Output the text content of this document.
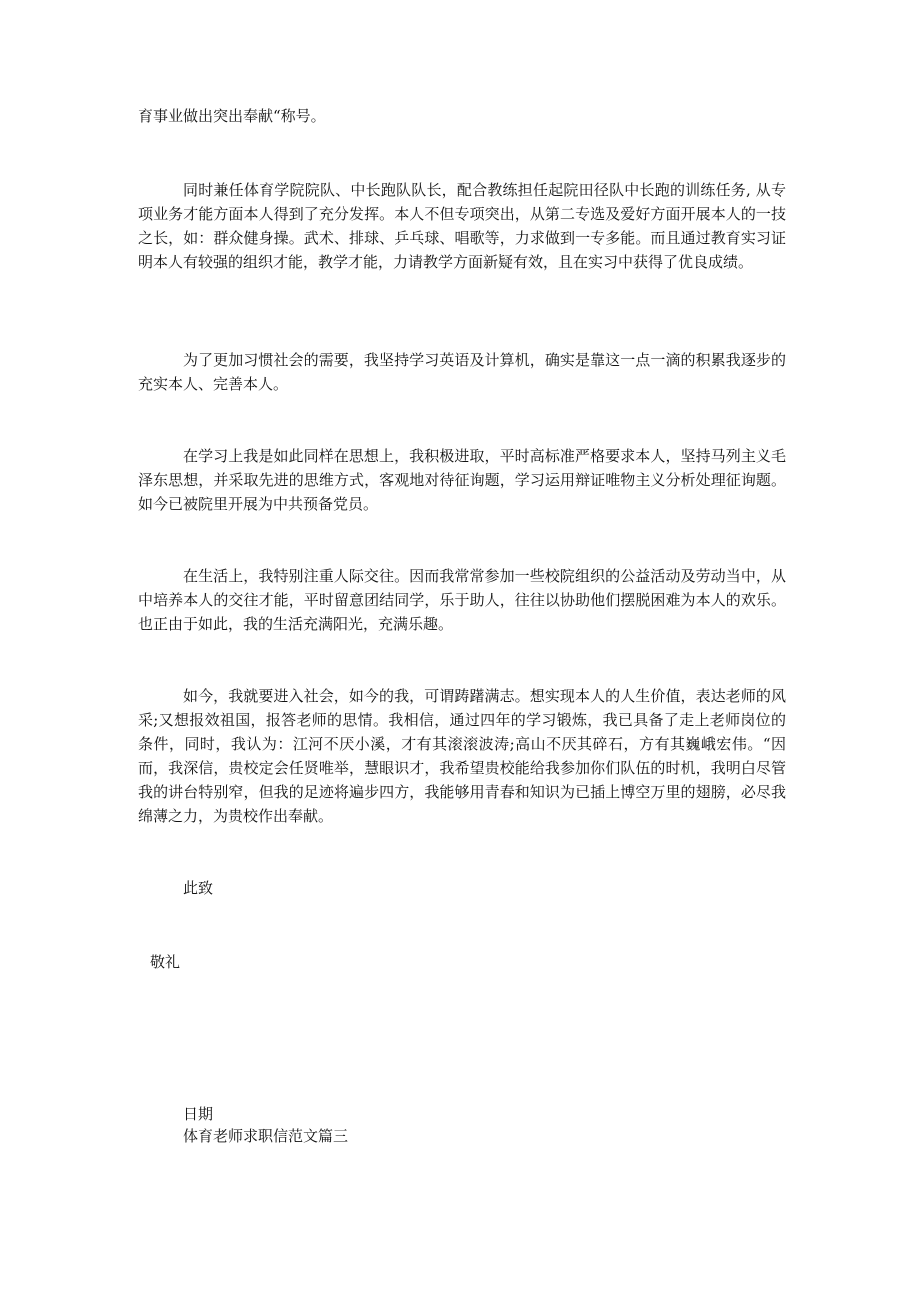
育事业做出突出奉献“称号。
同时兼任体育学院院队、中长跑队队长，配合教练担任起院田径队中长跑的训练任务, 从专项业务才能方面本人得到了充分发挥。本人不但专项突出，从第二专选及爱好方面开展本人的一技之长，如：群众健身操。武术、排球、乒乓球、唱歌等，力求做到一专多能。而且通过教育实习证明本人有较强的组织才能，教学才能，力请教学方面新疑有效，且在实习中获得了优良成绩。
为了更加习惯社会的需要，我坚持学习英语及计算机，确实是靠这一点一滴的积累我逐步的充实本人、完善本人。
在学习上我是如此同样在思想上，我积极进取，平时高标准严格要求本人，坚持马列主义毛泽东思想，并采取先进的思维方式，客观地对待征询题，学习运用辩证唯物主义分析处理征询题。如今已被院里开展为中共预备党员。
在生活上，我特别注重人际交往。因而我常常参加一些校院组织的公益活动及劳动当中，从中培养本人的交往才能，平时留意团结同学，乐于助人，往往以协助他们摆脱困难为本人的欢乐。也正由于如此，我的生活充满阳光，充满乐趣。
如今，我就要进入社会，如今的我，可谓踌躇满志。想实现本人的人生价值，表达老师的风采;又想报效祖国，报答老师的思情。我相信，通过四年的学习锻炼，我已具备了走上老师岗位的条件，同时，我认为：江河不厌小溪，才有其滚滚波涛;高山不厌其碎石，方有其巍峨宏伟。“因而，我深信，贵校定会任贤唯举，慧眼识才，我希望贵校能给我参加你们队伍的时机，我明白尽管我的讲台特别窄，但我的足迹将遍步四方，我能够用青春和知识为已插上博空万里的翅膀，必尽我绵薄之力，为贵校作出奉献。
此致
敬礼
日期
体育老师求职信范文篇三
